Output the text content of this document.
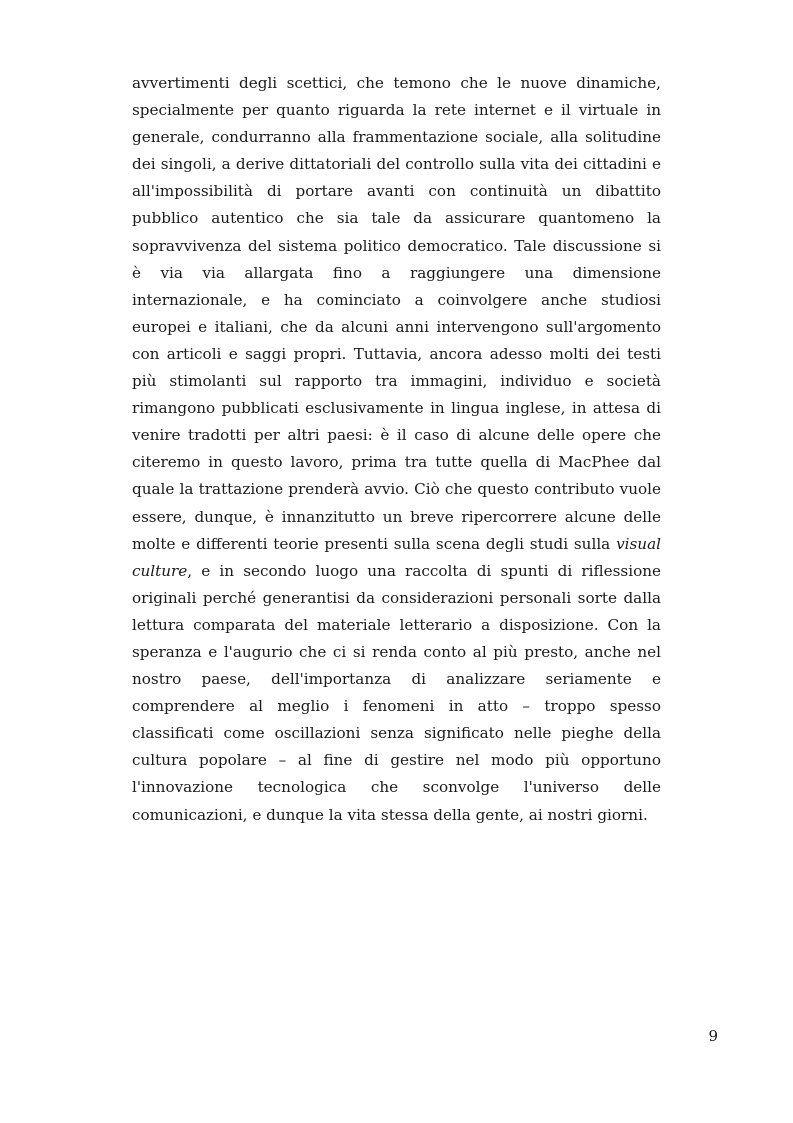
avvertimenti degli scettici, che temono che le nuove dinamiche, specialmente per quanto riguarda la rete internet e il virtuale in generale, condurranno alla frammentazione sociale, alla solitudine dei singoli, a derive dittatoriali del controllo sulla vita dei cittadini e all'impossibilità di portare avanti con continuità un dibattito pubblico autentico che sia tale da assicurare quantomeno la sopravvivenza del sistema politico democratico. Tale discussione si è via via allargata fino a raggiungere una dimensione internazionale, e ha cominciato a coinvolgere anche studiosi europei e italiani, che da alcuni anni intervengono sull'argomento con articoli e saggi propri. Tuttavia, ancora adesso molti dei testi più stimolanti sul rapporto tra immagini, individuo e società rimangono pubblicati esclusivamente in lingua inglese, in attesa di venire tradotti per altri paesi: è il caso di alcune delle opere che citeremo in questo lavoro, prima tra tutte quella di MacPhee dal quale la trattazione prenderà avvio. Ciò che questo contributo vuole essere, dunque, è innanzitutto un breve ripercorrere alcune delle molte e differenti teorie presenti sulla scena degli studi sulla visual culture, e in secondo luogo una raccolta di spunti di riflessione originali perché generantisi da considerazioni personali sorte dalla lettura comparata del materiale letterario a disposizione. Con la speranza e l'augurio che ci si renda conto al più presto, anche nel nostro paese, dell'importanza di analizzare seriamente e comprendere al meglio i fenomeni in atto – troppo spesso classificati come oscillazioni senza significato nelle pieghe della cultura popolare – al fine di gestire nel modo più opportuno l'innovazione tecnologica che sconvolge l'universo delle comunicazioni, e dunque la vita stessa della gente, ai nostri giorni.

9
